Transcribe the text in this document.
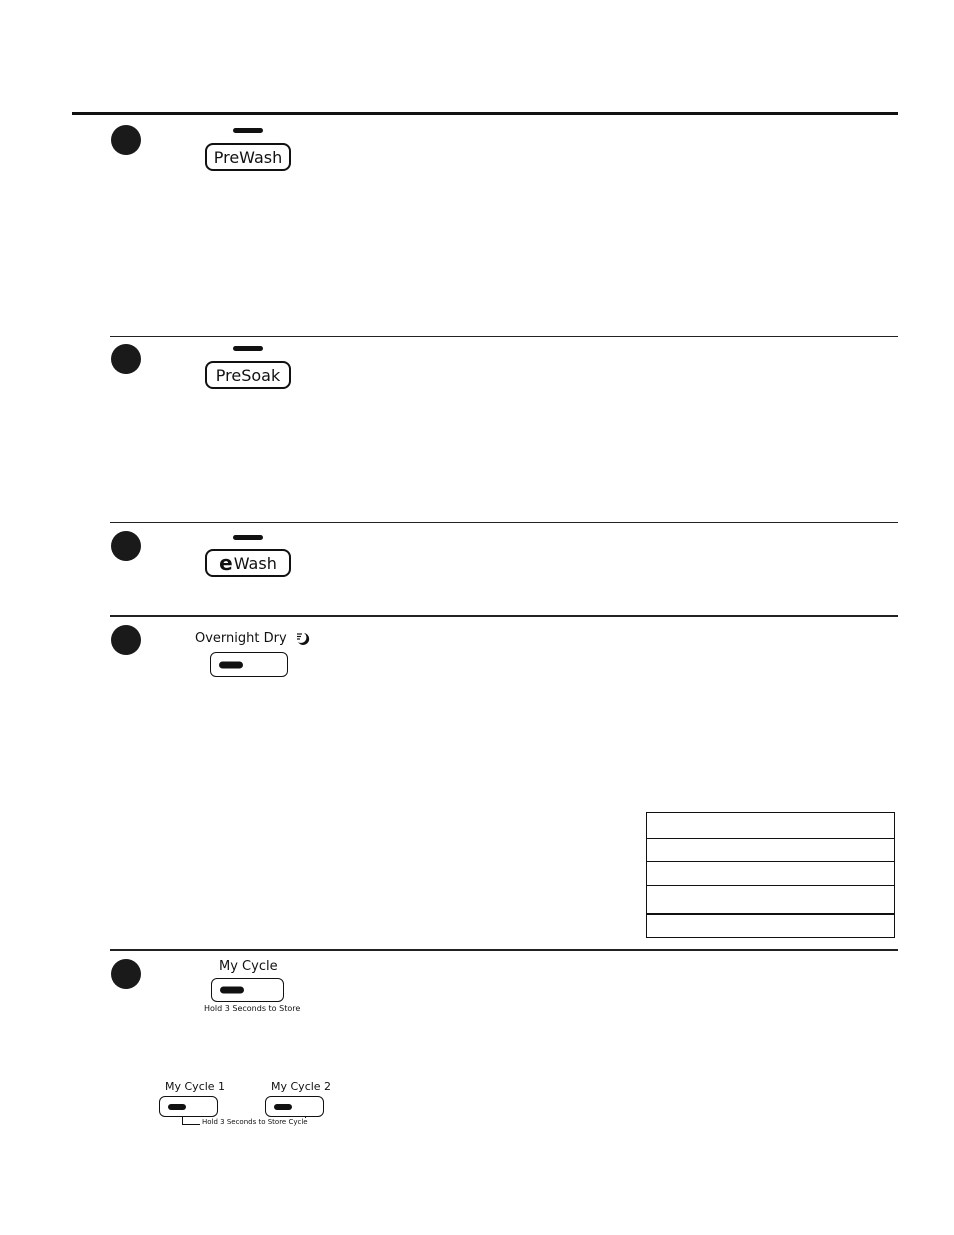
PreWash
PreSoak
e Wash
Overnight Dry
My Cycle
Hold 3 Seconds to Store
My Cycle 1	My Cycle 2
Hold 3 Seconds to Store Cycle
